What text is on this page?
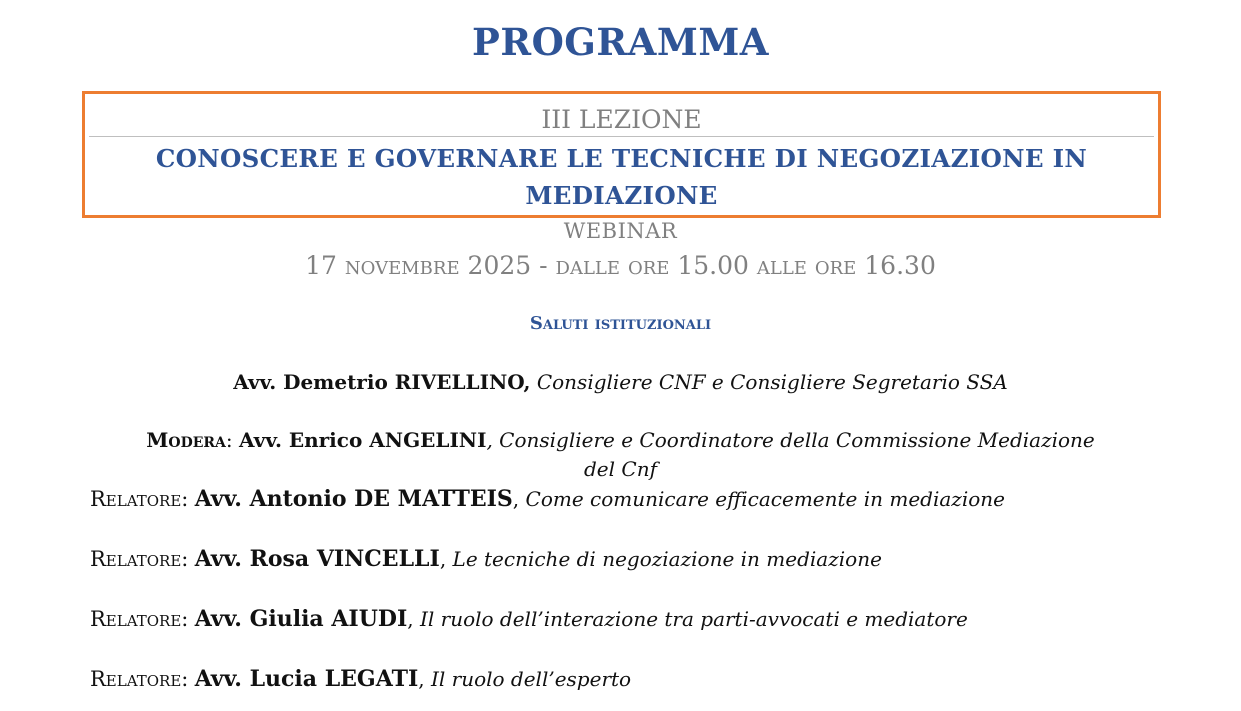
PROGRAMMA
III LEZIONE
CONOSCERE E GOVERNARE LE TECNICHE DI NEGOZIAZIONE IN
MEDIAZIONE
WEBINAR
17 novembre 2025 - dalle ore 15.00 alle ore 16.30
Saluti istituzionali
Avv. Demetrio RIVELLINO, Consigliere CNF e Consigliere Segretario SSA
Modera: Avv. Enrico ANGELINI, Consigliere e Coordinatore della Commissione Mediazione
del Cnf
Relatore: Avv. Antonio DE MATTEIS, Come comunicare efficacemente in mediazione
Relatore: Avv. Rosa VINCELLI, Le tecniche di negoziazione in mediazione
Relatore: Avv. Giulia AIUDI, Il ruolo dell’interazione tra parti-avvocati e mediatore
Relatore: Avv. Lucia LEGATI, Il ruolo dell’esperto
